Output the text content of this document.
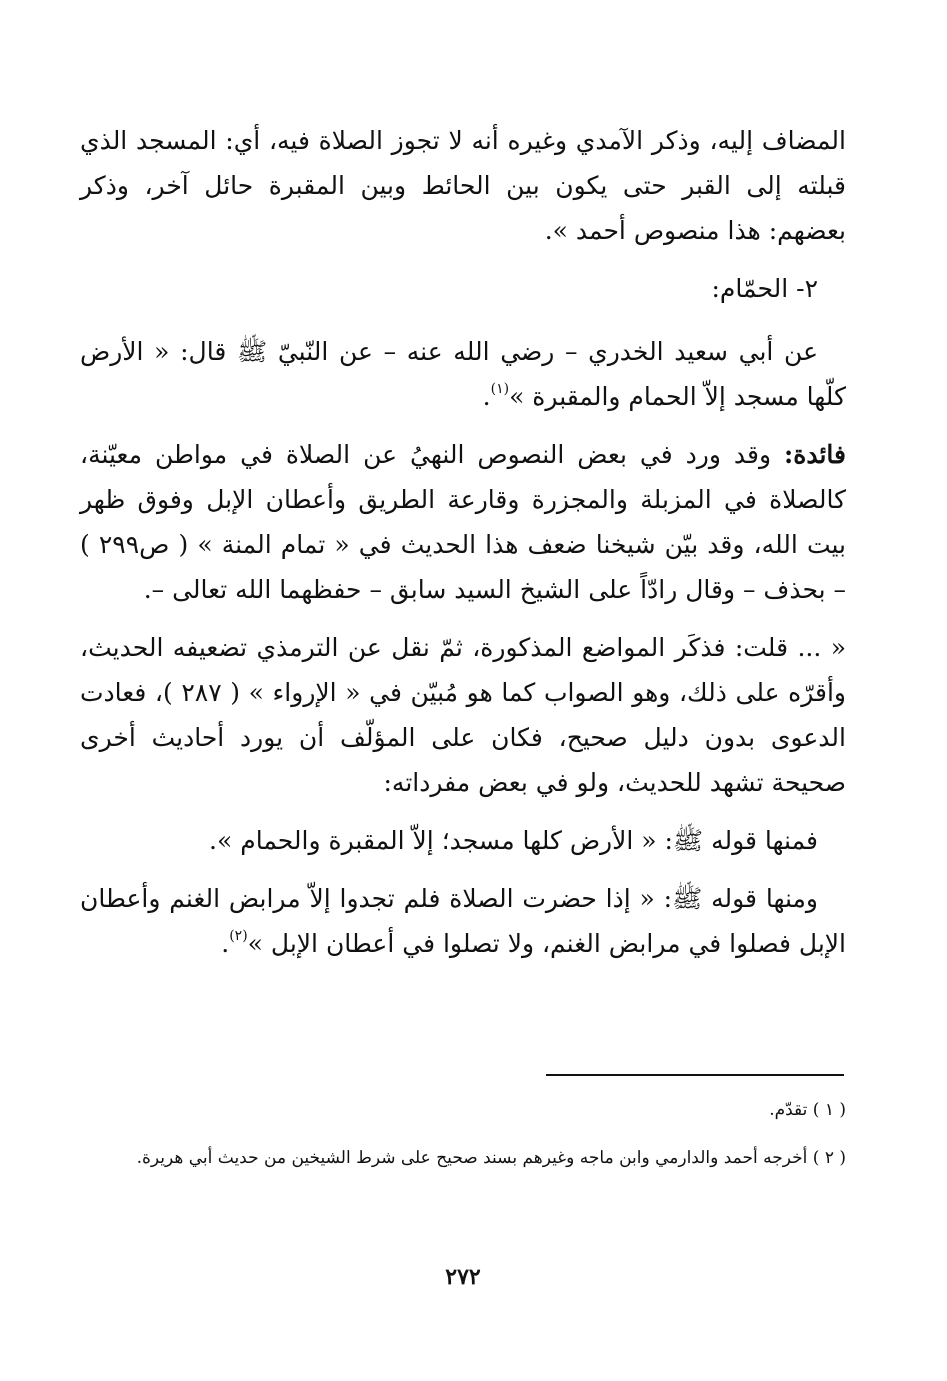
المضاف إليه، وذكر الآمدي وغيره أنه لا تجوز الصلاة فيه، أي: المسجد الذي قبلته إلى القبر حتى يكون بين الحائط وبين المقبرة حائل آخر، وذكر بعضهم: هذا منصوص أحمد ».

٢- الحمّام:

عن أبي سعيد الخدري – رضي الله عنه – عن النّبيّ ﷺ قال: « الأرض كلّها مسجد إلاّ الحمام والمقبرة »$^{(١)}$.

فائدة: وقد ورد في بعض النصوص النهيُ عن الصلاة في مواطن معيّنة، كالصلاة في المزبلة والمجزرة وقارعة الطريق وأعطان الإبل وفوق ظهر بيت الله، وقد بيّن شيخنا ضعف هذا الحديث في « تمام المنة » ( ص٢٩٩ ) – بحذف – وقال رادّاً على الشيخ السيد سابق – حفظهما الله تعالى –.

« ... قلت: فذكَر المواضع المذكورة، ثمّ نقل عن الترمذي تضعيفه الحديث، وأقرّه على ذلك، وهو الصواب كما هو مُبيّن في « الإرواء » ( ٢٨٧ )، فعادت الدعوى بدون دليل صحيح، فكان على المؤلّف أن يورد أحاديث أخرى صحيحة تشهد للحديث، ولو في بعض مفرداته:

فمنها قوله ﷺ: « الأرض كلها مسجد؛ إلاّ المقبرة والحمام ».

ومنها قوله ﷺ: « إذا حضرت الصلاة فلم تجدوا إلاّ مرابض الغنم وأعطان الإبل فصلوا في مرابض الغنم، ولا تصلوا في أعطان الإبل »$^{(٢)}$.

( ١ ) تقدّم.

( ٢ ) أخرجه أحمد والدارمي وابن ماجه وغيرهم بسند صحيح على شرط الشيخين من حديث أبي هريرة.

٢٧٢
